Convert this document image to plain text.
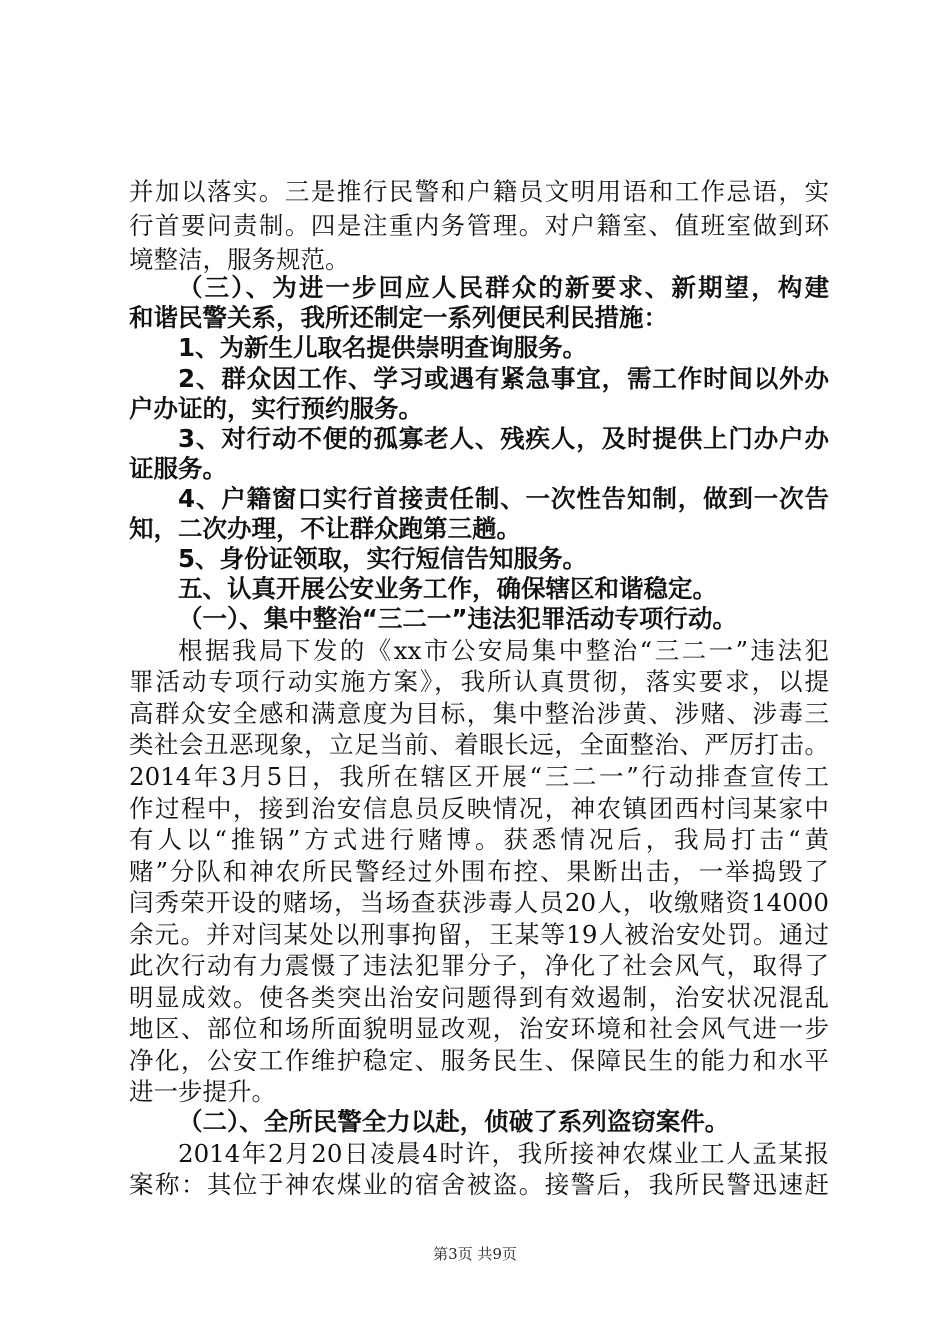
并加以落实。三是推行民警和户籍员文明用语和工作忌语，实
行首要问责制。四是注重内务管理。对户籍室、值班室做到环
境整洁，服务规范。
（三）、为进一步回应人民群众的新要求、新期望，构建
和谐民警关系，我所还制定一系列便民利民措施：
1、为新生儿取名提供崇明查询服务。
2、群众因工作、学习或遇有紧急事宜，需工作时间以外办
户办证的，实行预约服务。
3、对行动不便的孤寡老人、残疾人，及时提供上门办户办
证服务。
4、户籍窗口实行首接责任制、一次性告知制，做到一次告
知，二次办理，不让群众跑第三趟。
5、身份证领取，实行短信告知服务。
五、认真开展公安业务工作，确保辖区和谐稳定。
（一）、集中整治“三二一”违法犯罪活动专项行动。
根据我局下发的《xx市公安局集中整治“三二一”违法犯
罪活动专项行动实施方案》，我所认真贯彻，落实要求，以提
高群众安全感和满意度为目标，集中整治涉黄、涉赌、涉毒三
类社会丑恶现象，立足当前、着眼长远，全面整治、严厉打击。
2014年3月5日，我所在辖区开展“三二一”行动排查宣传工
作过程中，接到治安信息员反映情况，神农镇团西村闫某家中
有人以“推锅”方式进行赌博。获悉情况后，我局打击“黄
赌”分队和神农所民警经过外围布控、果断出击，一举捣毁了
闫秀荣开设的赌场，当场查获涉毒人员20人，收缴赌资14000
余元。并对闫某处以刑事拘留，王某等19人被治安处罚。通过
此次行动有力震慑了违法犯罪分子，净化了社会风气，取得了
明显成效。使各类突出治安问题得到有效遏制，治安状况混乱
地区、部位和场所面貌明显改观，治安环境和社会风气进一步
净化，公安工作维护稳定、服务民生、保障民生的能力和水平
进一步提升。
（二）、全所民警全力以赴，侦破了系列盗窃案件。
2014年2月20日凌晨4时许，我所接神农煤业工人孟某报
案称：其位于神农煤业的宿舍被盗。接警后，我所民警迅速赶
第3页 共9页
